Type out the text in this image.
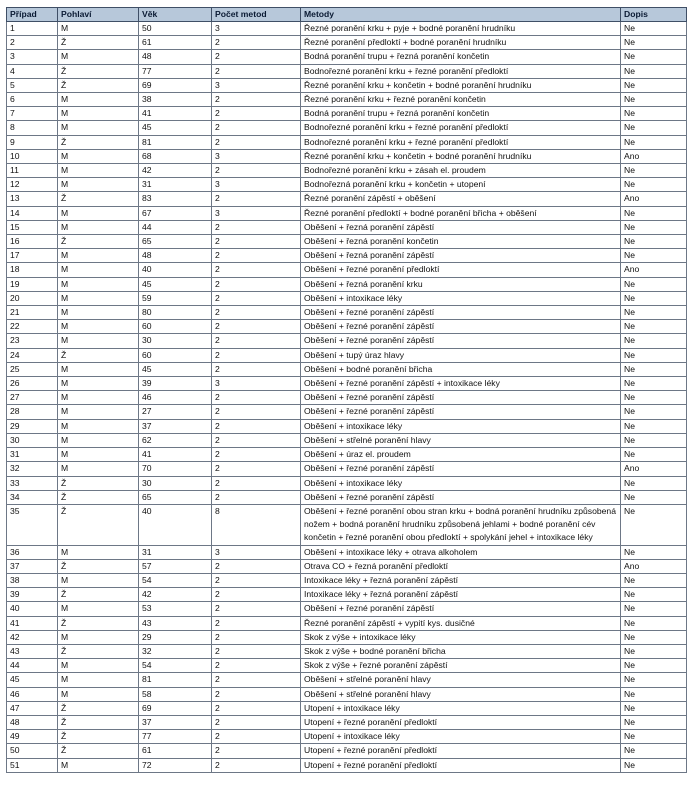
Případ	Pohlaví	Věk	Počet metod	Metody	Dopis
1	M	50	3	Řezné poranění krku + pyje + bodné poranění hrudníku	Ne
2	Ž	61	2	Řezné poranění předloktí + bodné poranění hrudníku	Ne
3	M	48	2	Bodná poranění trupu + řezná poranění končetin	Ne
4	Ž	77	2	Bodnořezné poranění krku + řezné poranění předloktí	Ne
5	Ž	69	3	Řezné poranění krku + končetin + bodné poranění hrudníku	Ne
6	M	38	2	Řezné poranění krku + řezné poranění končetin	Ne
7	M	41	2	Bodná poranění trupu + řezná poranění končetin	Ne
8	M	45	2	Bodnořezné poranění krku + řezné poranění předloktí	Ne
9	Ž	81	2	Bodnořezné poranění krku + řezné poranění předloktí	Ne
10	M	68	3	Řezné poranění krku + končetin + bodné poranění hrudníku	Ano
11	M	42	2	Bodnořezné poranění krku + zásah el. proudem	Ne
12	M	31	3	Bodnořezná poranění krku + končetin + utopení	Ne
13	Ž	83	2	Řezné poranění zápěstí + oběšení	Ano
14	M	67	3	Řezné poranění předloktí + bodné poranění břicha + oběšení	Ne
15	M	44	2	Oběšení + řezná poranění zápěstí	Ne
16	Ž	65	2	Oběšení + řezná poranění končetin	Ne
17	M	48	2	Oběšení + řezná poranění zápěstí	Ne
18	M	40	2	Oběšení + řezné poranění předloktí	Ano
19	M	45	2	Oběšení + řezná poranění krku	Ne
20	M	59	2	Oběšení + intoxikace léky	Ne
21	M	80	2	Oběšení + řezné poranění zápěstí	Ne
22	M	60	2	Oběšení + řezné poranění zápěstí	Ne
23	M	30	2	Oběšení + řezné poranění zápěstí	Ne
24	Ž	60	2	Oběšení + tupý úraz hlavy	Ne
25	M	45	2	Oběšení + bodné poranění břicha	Ne
26	M	39	3	Oběšení + řezné poranění zápěstí + intoxikace léky	Ne
27	M	46	2	Oběšení + řezné poranění zápěstí	Ne
28	M	27	2	Oběšení + řezné poranění zápěstí	Ne
29	M	37	2	Oběšení + intoxikace léky	Ne
30	M	62	2	Oběšení + střelné poranění hlavy	Ne
31	M	41	2	Oběšení + úraz el. proudem	Ne
32	M	70	2	Oběšení + řezné poranění zápěstí	Ano
33	Ž	30	2	Oběšení + intoxikace léky	Ne
34	Ž	65	2	Oběšení + řezné poranění zápěstí	Ne
35	Ž	40	8	Oběšení + řezné poranění obou stran krku + bodná poranění hrudníku způsobená nožem + bodná poranění hrudníku způsobená jehlami + bodné poranění cév končetin + řezné poranění obou předloktí + spolykání jehel + intoxikace léky	Ne
36	M	31	3	Oběšení + intoxikace léky + otrava alkoholem	Ne
37	Ž	57	2	Otrava CO + řezná poranění předloktí	Ano
38	M	54	2	Intoxikace léky + řezná poranění zápěstí	Ne
39	Ž	42	2	Intoxikace léky + řezná poranění zápěstí	Ne
40	M	53	2	Oběšení + řezné poranění zápěstí	Ne
41	Ž	43	2	Řezné poranění zápěstí + vypití kys. dusičné	Ne
42	M	29	2	Skok z výše + intoxikace léky	Ne
43	Ž	32	2	Skok z výše + bodné poranění břicha	Ne
44	M	54	2	Skok z výše + řezné poranění zápěstí	Ne
45	M	81	2	Oběšení + střelné poranění hlavy	Ne
46	M	58	2	Oběšení + střelné poranění hlavy	Ne
47	Ž	69	2	Utopení + intoxikace léky	Ne
48	Ž	37	2	Utopení + řezné poranění předloktí	Ne
49	Ž	77	2	Utopení + intoxikace léky	Ne
50	Ž	61	2	Utopení + řezné poranění předloktí	Ne
51	M	72	2	Utopení + řezné poranění předloktí	Ne
